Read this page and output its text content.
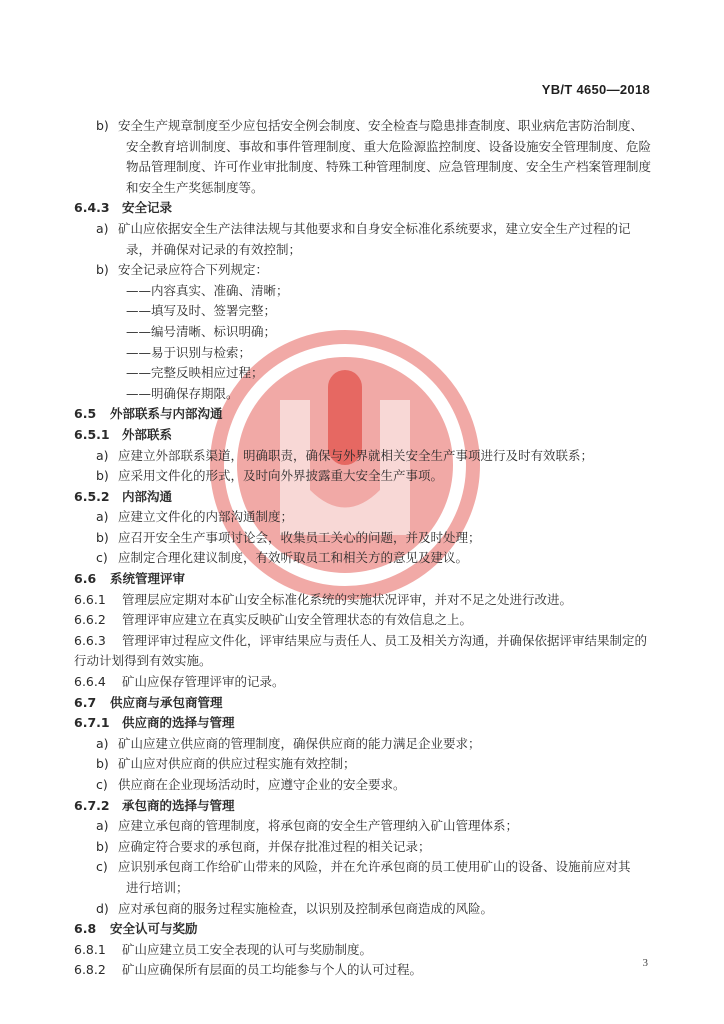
YB/T 4650—2018
b) 安全生产规章制度至少应包括安全例会制度、安全检查与隐患排查制度、职业病危害防治制度、
安全教育培训制度、事故和事件管理制度、重大危险源监控制度、设备设施安全管理制度、危险
物品管理制度、许可作业审批制度、特殊工种管理制度、应急管理制度、安全生产档案管理制度
和安全生产奖惩制度等。
6.4.3 安全记录
a) 矿山应依据安全生产法律法规与其他要求和自身安全标准化系统要求，建立安全生产过程的记
录，并确保对记录的有效控制；
b) 安全记录应符合下列规定：
——内容真实、准确、清晰；
——填写及时、签署完整；
——编号清晰、标识明确；
——易于识别与检索；
——完整反映相应过程；
——明确保存期限。
6.5 外部联系与内部沟通
6.5.1 外部联系
a) 应建立外部联系渠道，明确职责，确保与外界就相关安全生产事项进行及时有效联系；
b) 应采用文件化的形式，及时向外界披露重大安全生产事项。
6.5.2 内部沟通
a) 应建立文件化的内部沟通制度；
b) 应召开安全生产事项讨论会，收集员工关心的问题，并及时处理；
c) 应制定合理化建议制度，有效听取员工和相关方的意见及建议。
6.6 系统管理评审
6.6.1 管理层应定期对本矿山安全标准化系统的实施状况评审，并对不足之处进行改进。
6.6.2 管理评审应建立在真实反映矿山安全管理状态的有效信息之上。
6.6.3 管理评审过程应文件化，评审结果应与责任人、员工及相关方沟通，并确保依据评审结果制定的
行动计划得到有效实施。
6.6.4 矿山应保存管理评审的记录。
6.7 供应商与承包商管理
6.7.1 供应商的选择与管理
a) 矿山应建立供应商的管理制度，确保供应商的能力满足企业要求；
b) 矿山应对供应商的供应过程实施有效控制；
c) 供应商在企业现场活动时，应遵守企业的安全要求。
6.7.2 承包商的选择与管理
a) 应建立承包商的管理制度，将承包商的安全生产管理纳入矿山管理体系；
b) 应确定符合要求的承包商，并保存批准过程的相关记录；
c) 应识别承包商工作给矿山带来的风险，并在允许承包商的员工使用矿山的设备、设施前应对其
进行培训；
d) 应对承包商的服务过程实施检查，以识别及控制承包商造成的风险。
6.8 安全认可与奖励
6.8.1 矿山应建立员工安全表现的认可与奖励制度。
6.8.2 矿山应确保所有层面的员工均能参与个人的认可过程。	3
